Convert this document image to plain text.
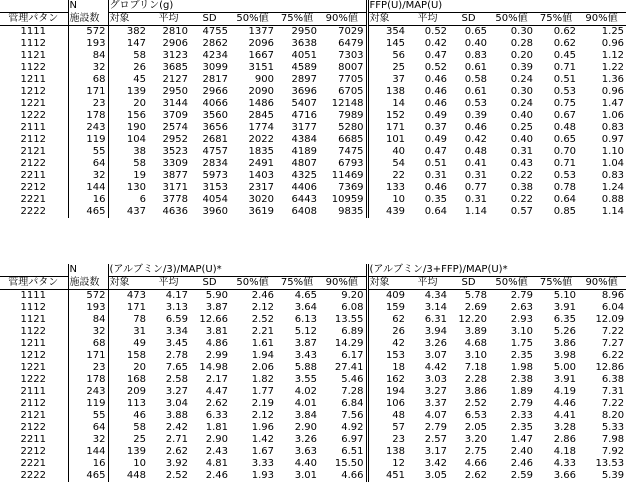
	N	グロブリン(g)						FFP(U)/MAP(U)					
管理パタン	施設数	対象	平均	SD	50%値	75%値	90%値	対象	平均	SD	50%値	75%値	90%値
1111	572	382	2810	4755	1377	2950	7029	354	0.52	0.65	0.30	0.62	1.25
1112	193	147	2906	2862	2096	3638	6479	145	0.42	0.40	0.28	0.62	0.96
1121	84	58	3123	4234	1667	4051	7303	56	0.47	0.83	0.20	0.45	1.12
1122	32	26	3685	3099	3151	4589	8007	25	0.52	0.61	0.39	0.71	1.22
1211	68	45	2127	2817	900	2897	7705	37	0.46	0.58	0.24	0.51	1.36
1212	171	139	2950	2966	2090	3696	6705	138	0.46	0.61	0.30	0.53	0.96
1221	23	20	3144	4066	1486	5407	12148	14	0.46	0.53	0.24	0.75	1.47
1222	178	156	3709	3560	2845	4716	7989	152	0.49	0.39	0.40	0.67	1.06
2111	243	190	2574	3656	1774	3177	5280	171	0.37	0.46	0.25	0.48	0.83
2112	119	104	2952	2681	2022	4384	6685	101	0.49	0.42	0.40	0.65	0.97
2121	55	38	3523	4757	1835	4189	7475	40	0.47	0.48	0.31	0.70	1.10
2122	64	58	3309	2834	2491	4807	6793	54	0.51	0.41	0.43	0.71	1.04
2211	32	19	3877	5973	1403	4325	11469	22	0.31	0.31	0.22	0.53	0.83
2212	144	130	3171	3153	2317	4406	7369	133	0.46	0.77	0.38	0.78	1.24
2221	16	6	3778	4054	3020	6443	10959	10	0.35	0.31	0.22	0.64	0.88
2222	465	437	4636	3960	3619	6408	9835	439	0.64	1.14	0.57	0.85	1.14
	N	(アルブミン/3)/MAP(U)*						(アルブミン/3+FFP)/MAP(U)*					
管理パタン	施設数	対象	平均	SD	50%値	75%値	90%値	対象	平均	SD	50%値	75%値	90%値
1111	572	473	4.17	5.90	2.46	4.65	9.20	409	4.34	5.78	2.79	5.10	8.96
1112	193	171	3.13	3.87	2.12	3.64	6.08	159	3.14	2.69	2.63	3.91	6.04
1121	84	78	6.59	12.66	2.52	6.13	13.55	62	6.31	12.20	2.93	6.35	12.09
1122	32	31	3.34	3.81	2.21	5.12	6.89	26	3.94	3.89	3.10	5.26	7.22
1211	68	49	3.45	4.86	1.61	3.87	14.29	42	3.26	4.68	1.75	3.86	7.27
1212	171	158	2.78	2.99	1.94	3.43	6.17	153	3.07	3.10	2.35	3.98	6.22
1221	23	20	7.65	14.98	2.06	5.88	27.41	18	4.42	7.18	1.98	5.00	12.86
1222	178	168	2.58	2.17	1.82	3.55	5.46	162	3.03	2.28	2.38	3.91	6.38
2111	243	209	3.27	4.47	1.77	4.02	7.28	194	3.27	3.86	1.89	4.19	7.31
2112	119	113	3.04	2.62	2.19	4.01	6.84	106	3.37	2.52	2.79	4.46	7.22
2121	55	46	3.88	6.33	2.12	3.84	7.56	48	4.07	6.53	2.33	4.41	8.20
2122	64	58	2.42	1.81	1.96	2.90	4.92	57	2.79	2.05	2.35	3.28	5.33
2211	32	25	2.71	2.90	1.42	3.26	6.97	23	2.57	3.20	1.47	2.86	7.98
2212	144	139	2.62	2.43	1.67	3.63	6.51	138	3.17	2.75	2.40	4.18	7.92
2221	16	10	3.92	4.81	3.33	4.40	15.50	12	3.42	4.66	2.46	4.33	13.53
2222	465	448	2.52	2.46	1.93	3.01	4.66	451	3.05	2.62	2.59	3.66	5.39
